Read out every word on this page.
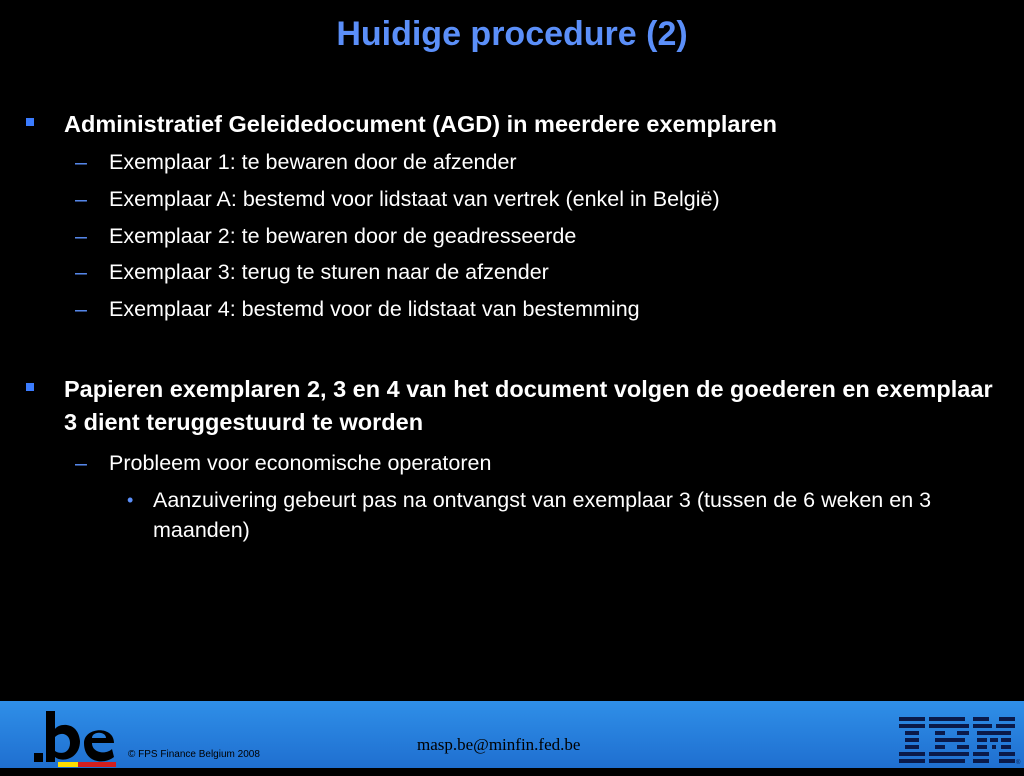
Huidige procedure (2)
Administratief Geleidedocument (AGD) in meerdere exemplaren
– Exemplaar 1: te bewaren door de afzender
– Exemplaar A: bestemd voor lidstaat van vertrek (enkel in België)
– Exemplaar 2: te bewaren door de geadresseerde
– Exemplaar 3: terug te sturen naar de afzender
– Exemplaar 4: bestemd voor de lidstaat van bestemming
Papieren exemplaren 2, 3 en 4 van het document volgen de goederen en exemplaar 3 dient teruggestuurd te worden
– Probleem voor economische operatoren
• Aanzuivering gebeurt pas na ontvangst van exemplaar 3 (tussen de 6 weken en 3 maanden)
© FPS Finance Belgium 2008
masp.be@minfin.fed.be
®
